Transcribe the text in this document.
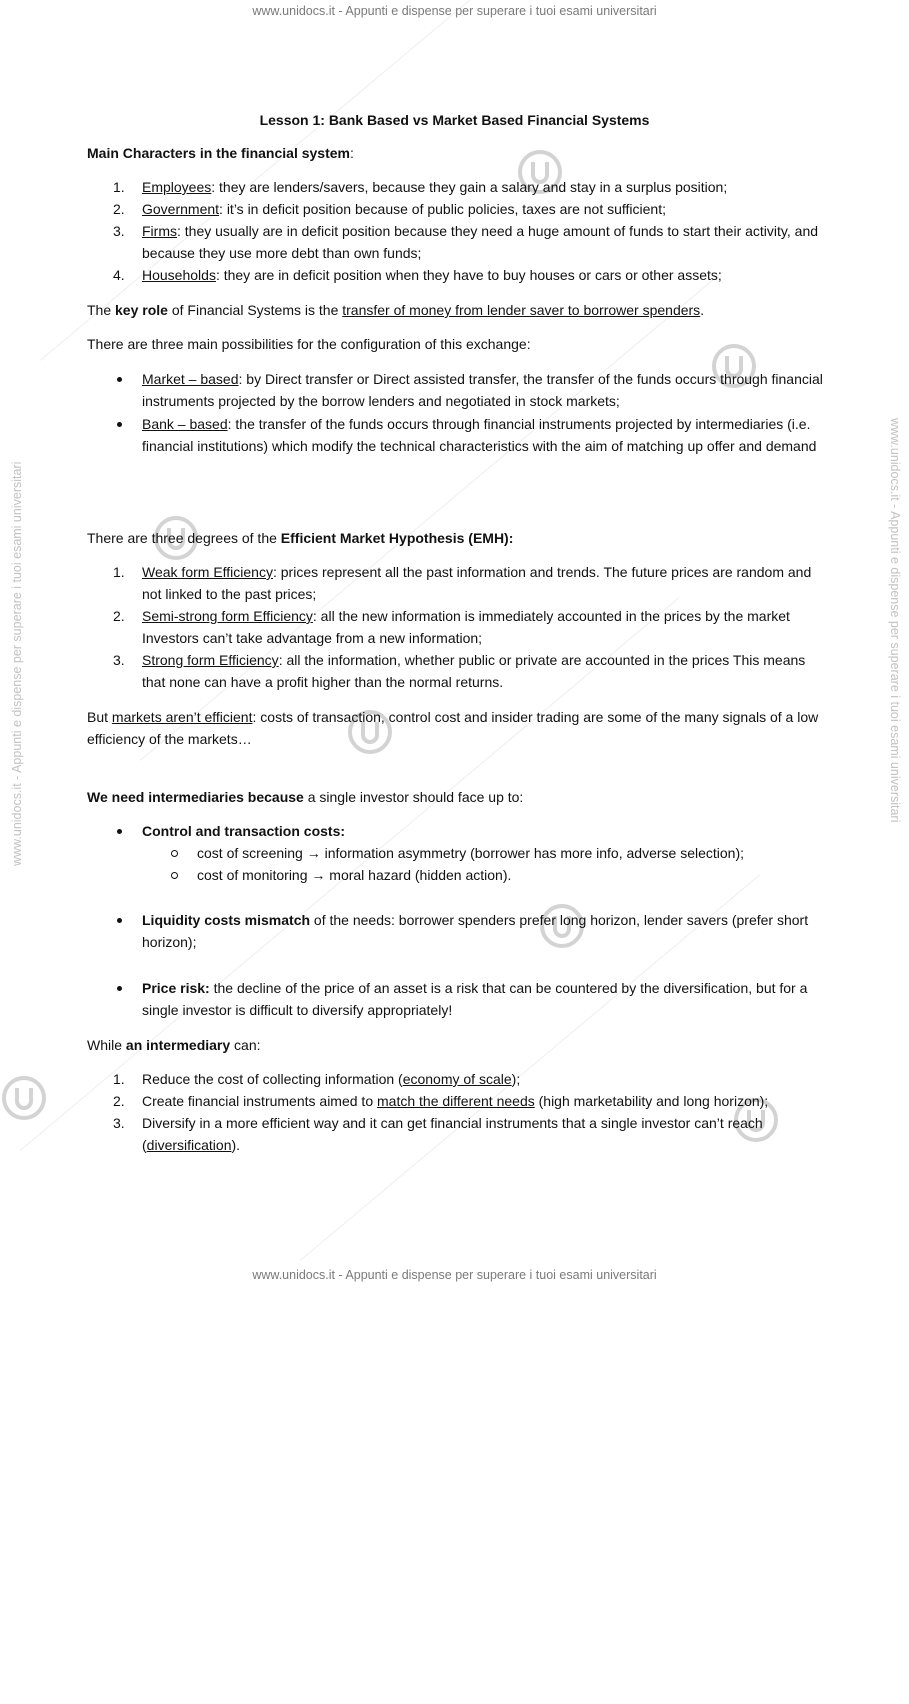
www.unidocs.it - Appunti e dispense per superare i tuoi esami universitari
www.unidocs.it - Appunti e dispense per superare i tuoi esami universitari
www.unidocs.it - Appunti e dispense per superare i tuoi esami universitari	www.unidocs.it - Appunti e dispense per superare i tuoi esami universitari
Lesson 1: Bank Based vs Market Based Financial Systems
Main Characters in the financial system:
1. Employees: they are lenders/savers, because they gain a salary and stay in a surplus position;
2. Government: it’s in deficit position because of public policies, taxes are not sufficient;
3. Firms: they usually are in deficit position because they need a huge amount of funds to start their activity, and because they use more debt than own funds;
4. Households: they are in deficit position when they have to buy houses or cars or other assets;
The key role of Financial Systems is the transfer of money from lender saver to borrower spenders.
There are three main possibilities for the configuration of this exchange:
Market – based: by Direct transfer or Direct assisted transfer, the transfer of the funds occurs through financial instruments projected by the borrow lenders and negotiated in stock markets;
Bank – based: the transfer of the funds occurs through financial instruments projected by intermediaries (i.e. financial institutions) which modify the technical characteristics with the aim of matching up offer and demand
There are three degrees of the Efficient Market Hypothesis (EMH):
1. Weak form Efficiency: prices represent all the past information and trends. The future prices are random and not linked to the past prices;
2. Semi-strong form Efficiency: all the new information is immediately accounted in the prices by the market Investors can’t take advantage from a new information;
3. Strong form Efficiency: all the information, whether public or private are accounted in the prices This means that none can have a profit higher than the normal returns.
But markets aren’t efficient: costs of transaction, control cost and insider trading are some of the many signals of a low efficiency of the markets…
We need intermediaries because a single investor should face up to:
Control and transaction costs:
cost of screening → information asymmetry (borrower has more info, adverse selection);
cost of monitoring → moral hazard (hidden action).
Liquidity costs mismatch of the needs: borrower spenders prefer long horizon, lender savers (prefer short horizon);
Price risk: the decline of the price of an asset is a risk that can be countered by the diversification, but for a single investor is difficult to diversify appropriately!
While an intermediary can:
1. Reduce the cost of collecting information (economy of scale);
2. Create financial instruments aimed to match the different needs (high marketability and long horizon);
3. Diversify in a more efficient way and it can get financial instruments that a single investor can’t reach (diversification).
